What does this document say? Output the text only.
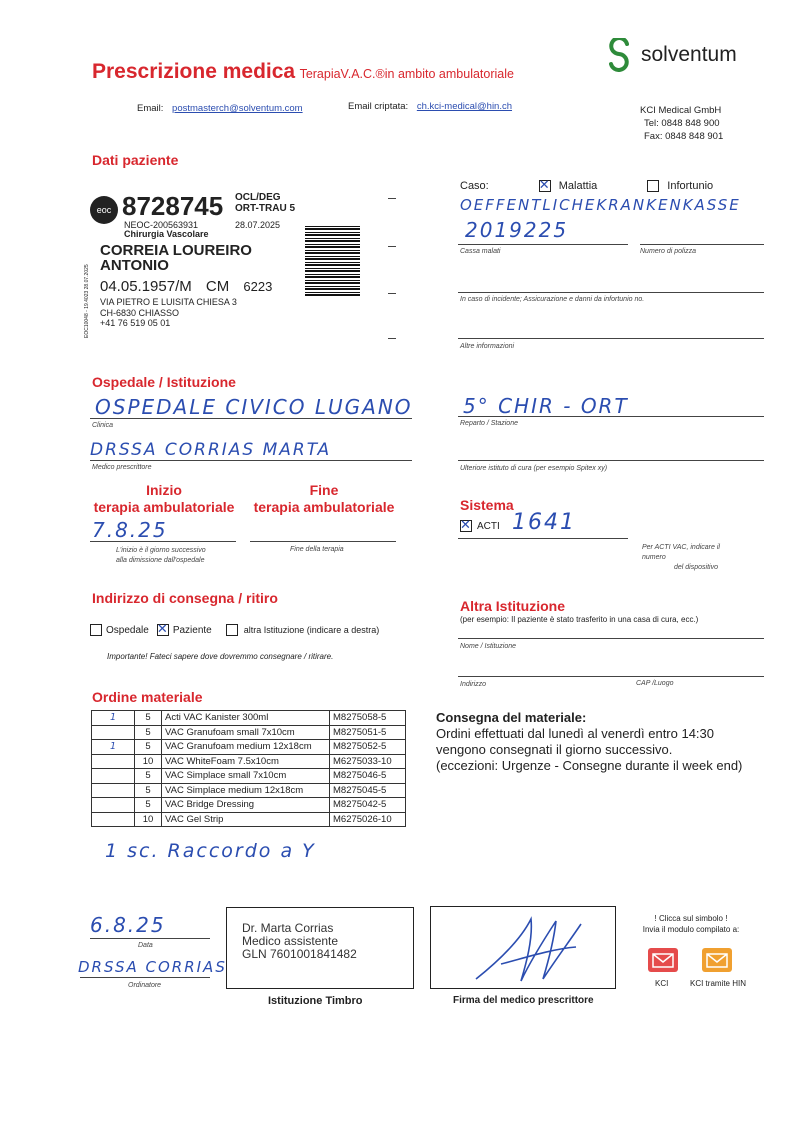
Prescrizione medica TerapiaV.A.C.®in ambito ambulatoriale
solventum
Email: postmasterch@solventum.com	Email criptata: ch.kci-medical@hin.ch	KCI Medical GmbH
Tel: 0848 848 900
Fax: 0848 848 901
Dati paziente
eoc 8728745 OCL/DEG
ORT-TRAU 5
NEOC-200563931	28.07.2025
Chirurgia Vascolare
CORREIA LOUREIRO
ANTONIO
04.05.1957/M CM 6223
VIA PIETRO E LUISITA CHIESA 3
CH-6830 CHIASSO
+41 76 519 05 01
EOC10048 - 19.4023 28.07.2025
Caso: ✕	Malattia	Infortunio
OEFFENTLICHEKRANKENKASSE
2019225
Cassa malati	Numero di polizza
In caso di incidente; Assicurazione e danni da infortunio no.
Altre informazioni
Ospedale / Istituzione
OSPEDALE CIVICO LUGANO
Clinica
5° CHIR - ORT
Reparto / Stazione
DRSSA CORRIAS MARTA
Medico prescrittore	Ulteriore istituto di cura (per esempio Spitex xy)
Inizio
terapia ambulatoriale
Fine
terapia ambulatoriale
7.8.25
L'inizio è il giorno successivo
alla dimissione dall'ospedale
Fine della terapia
Sistema
✕
ACTI 1641
Per ACTI VAC, indicare il
numero
del dispositivo
Indirizzo di consegna / ritiro
Ospedale ✕ Paziente	altra Istituzione (indicare a destra)
Importante! Fateci sapere dove dovremmo consegnare / ritirare.
Altra Istituzione
(per esempio: Il paziente è stato trasferito in una casa di cura, ecc.)
Nome / Istituzione
Indirizzo	CAP /Luogo
Ordine materiale
1	5	Acti VAC Kanister 300ml	M8275058-5
	5	VAC Granufoam small 7x10cm	M8275051-5
1	5	VAC Granufoam medium 12x18cm	M8275052-5
	10	VAC WhiteFoam 7.5x10cm	M6275033-10
	5	VAC Simplace small 7x10cm	M8275046-5
	5	VAC Simplace medium 12x18cm	M8275045-5
	5	VAC Bridge Dressing	M8275042-5
	10	VAC Gel Strip	M6275026-10
1 sc. Raccordo a Y
Consegna del materiale:
Ordini effettuati dal lunedì al venerdì entro 14:30
vengono consegnati il giorno successivo.
(eccezioni: Urgenze - Consegne durante il week end)
6.8.25
Data
DRSSA CORRIAS
Ordinatore
Dr. Marta Corrias
Medico assistente
GLN 7601001841482
Istituzione Timbro	Firma del medico prescrittore
! Clicca sul simbolo !
Invia il modulo compilato a:
KCI	KCI tramite HIN
